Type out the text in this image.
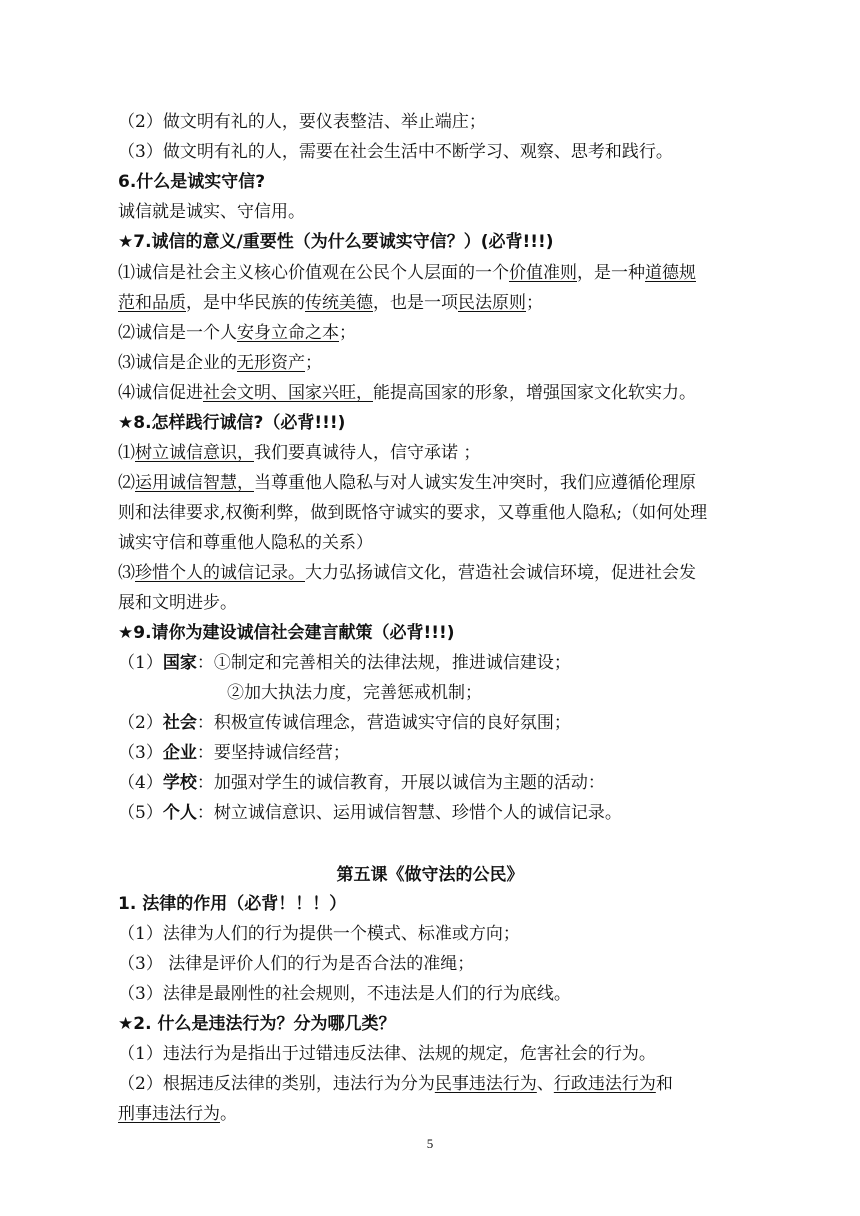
（2）做文明有礼的人，要仪表整洁、举止端庄；
（3）做文明有礼的人，需要在社会生活中不断学习、观察、思考和践行。
6.什么是诚实守信?
诚信就是诚实、守信用。
★7.诚信的意义/重要性（为什么要诚实守信？）(必背!!!)
⑴诚信是社会主义核心价值观在公民个人层面的一个价值准则，是一种道德规
范和品质，是中华民族的传统美德，也是一项民法原则；
⑵诚信是一个人安身立命之本；
⑶诚信是企业的无形资产；
⑷诚信促进社会文明、国家兴旺，能提高国家的形象，增强国家文化软实力。
★8.怎样践行诚信?（必背!!!)
⑴树立诚信意识，我们要真诚待人，信守承诺 ；
⑵运用诚信智慧，当尊重他人隐私与对人诚实发生冲突时，我们应遵循伦理原
则和法律要求,权衡利弊，做到既恪守诚实的要求，又尊重他人隐私;（如何处理
诚实守信和尊重他人隐私的关系）
⑶珍惜个人的诚信记录。大力弘扬诚信文化，营造社会诚信环境，促进社会发
展和文明进步。
★9.请你为建设诚信社会建言献策（必背!!!)
（1）国家：①制定和完善相关的法律法规，推进诚信建设；
②加大执法力度，完善惩戒机制；
（2）社会：积极宣传诚信理念，营造诚实守信的良好氛围；
（3）企业：要坚持诚信经营；
（4）学校：加强对学生的诚信教育，开展以诚信为主题的活动：
（5）个人：树立诚信意识、运用诚信智慧、珍惜个人的诚信记录。
第五课《做守法的公民》
1. 法律的作用（必背！！！）
（1）法律为人们的行为提供一个模式、标准或方向；
（3） 法律是评价人们的行为是否合法的准绳；
（3）法律是最刚性的社会规则，不违法是人们的行为底线。
★2. 什么是违法行为？分为哪几类？
（1）违法行为是指出于过错违反法律、法规的规定，危害社会的行为。
（2）根据违反法律的类别，违法行为分为民事违法行为、行政违法行为和
刑事违法行为。
5
